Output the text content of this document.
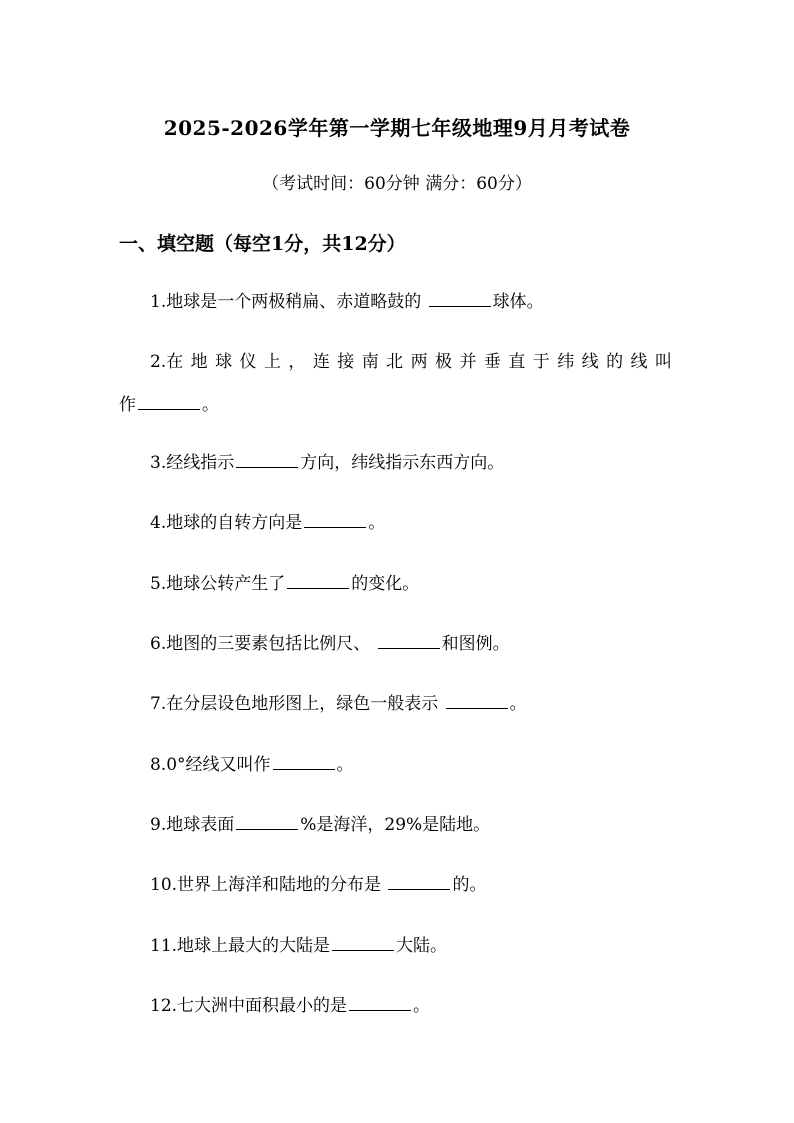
2025-2026学年第一学期七年级地理9月月考试卷
（考试时间：60分钟 满分：60分）
一、填空题（每空1分，共12分）
1.地球是一个两极稍扁、赤道略鼓的	球体。
2.在 地 球 仪 上 ， 连 接 南 北 两 极 并 垂 直 于 纬 线 的 线 叫
作	。
3.经线指示	方向，纬线指示东西方向。
4.地球的自转方向是	。
5.地球公转产生了	的变化。
6.地图的三要素包括比例尺、	和图例。
7.在分层设色地形图上，绿色一般表示	。
8.0°经线又叫作	。
9.地球表面	%是海洋，29%是陆地。
10.世界上海洋和陆地的分布是	的。
11.地球上最大的大陆是	大陆。
12.七大洲中面积最小的是	。
